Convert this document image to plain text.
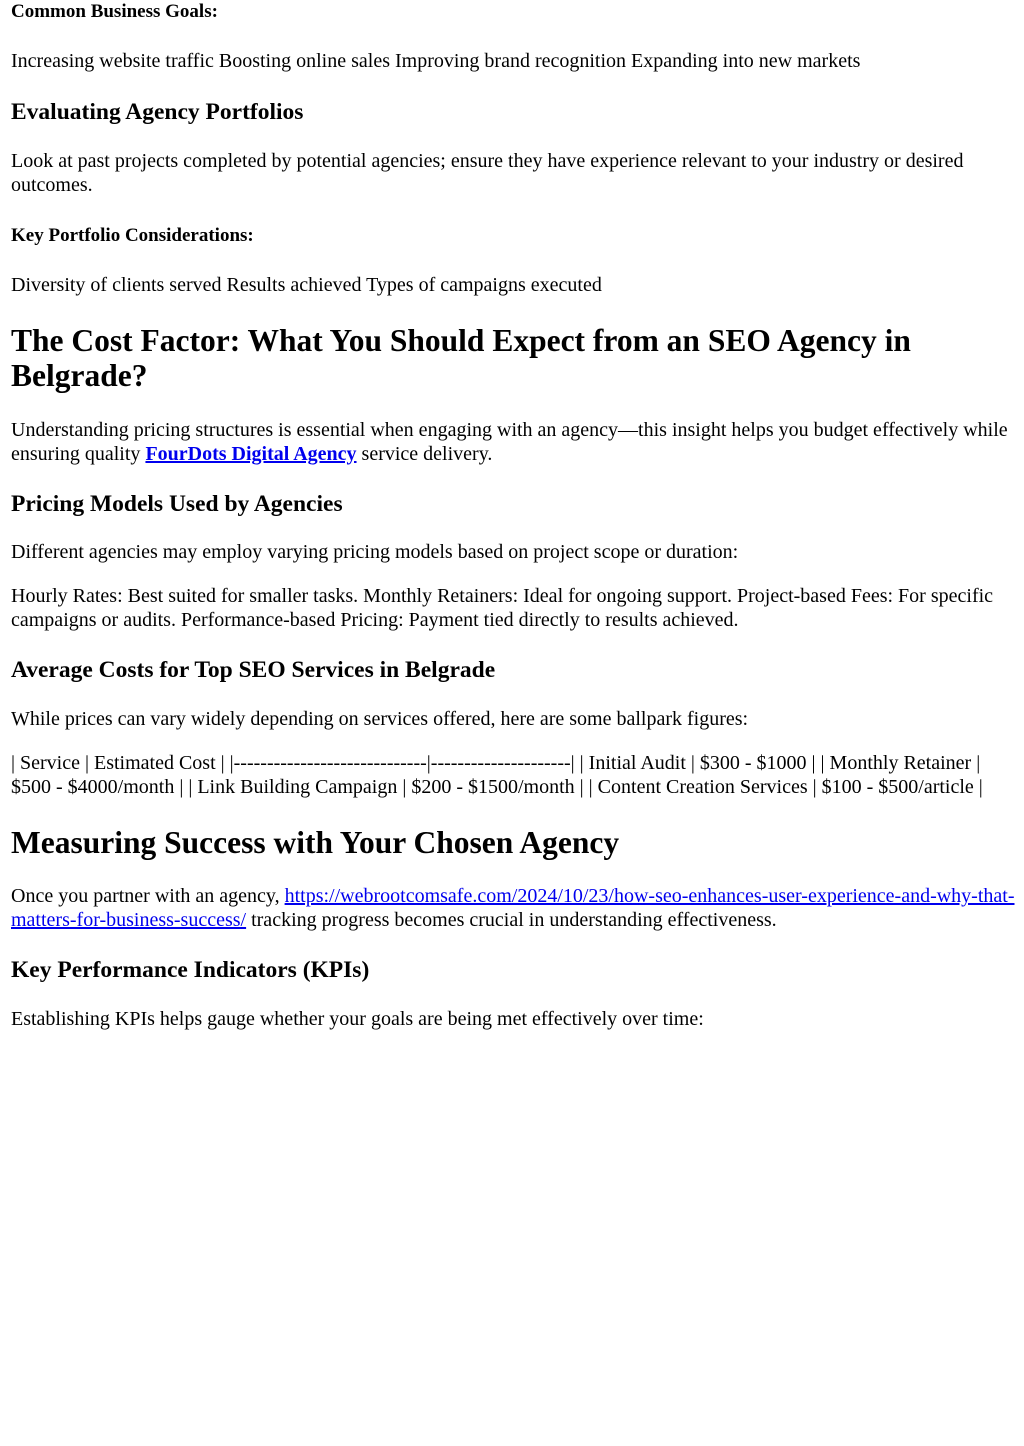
Common Business Goals:

Increasing website traffic Boosting online sales Improving brand recognition Expanding into new markets

Evaluating Agency Portfolios

Look at past projects completed by potential agencies; ensure they have experience relevant to your industry or desired outcomes.

Key Portfolio Considerations:

Diversity of clients served Results achieved Types of campaigns executed

The Cost Factor: What You Should Expect from an SEO Agency in Belgrade?

Understanding pricing structures is essential when engaging with an agency—this insight helps you budget effectively while ensuring quality FourDots Digital Agency service delivery.

Pricing Models Used by Agencies

Different agencies may employ varying pricing models based on project scope or duration:

Hourly Rates: Best suited for smaller tasks. Monthly Retainers: Ideal for ongoing support. Project-based Fees: For specific campaigns or audits. Performance-based Pricing: Payment tied directly to results achieved.

Average Costs for Top SEO Services in Belgrade

While prices can vary widely depending on services offered, here are some ballpark figures:

| Service | Estimated Cost | |-----------------------------|---------------------| | Initial Audit | $300 - $1000 | | Monthly Retainer | $500 - $4000/month | | Link Building Campaign | $200 - $1500/month | | Content Creation Services | $100 - $500/article |

Measuring Success with Your Chosen Agency

Once you partner with an agency, https://webrootcomsafe.com/2024/10/23/how-seo-enhances-user-experience-and-why-that-matters-for-business-success/ tracking progress becomes crucial in understanding effectiveness.

Key Performance Indicators (KPIs)

Establishing KPIs helps gauge whether your goals are being met effectively over time:
